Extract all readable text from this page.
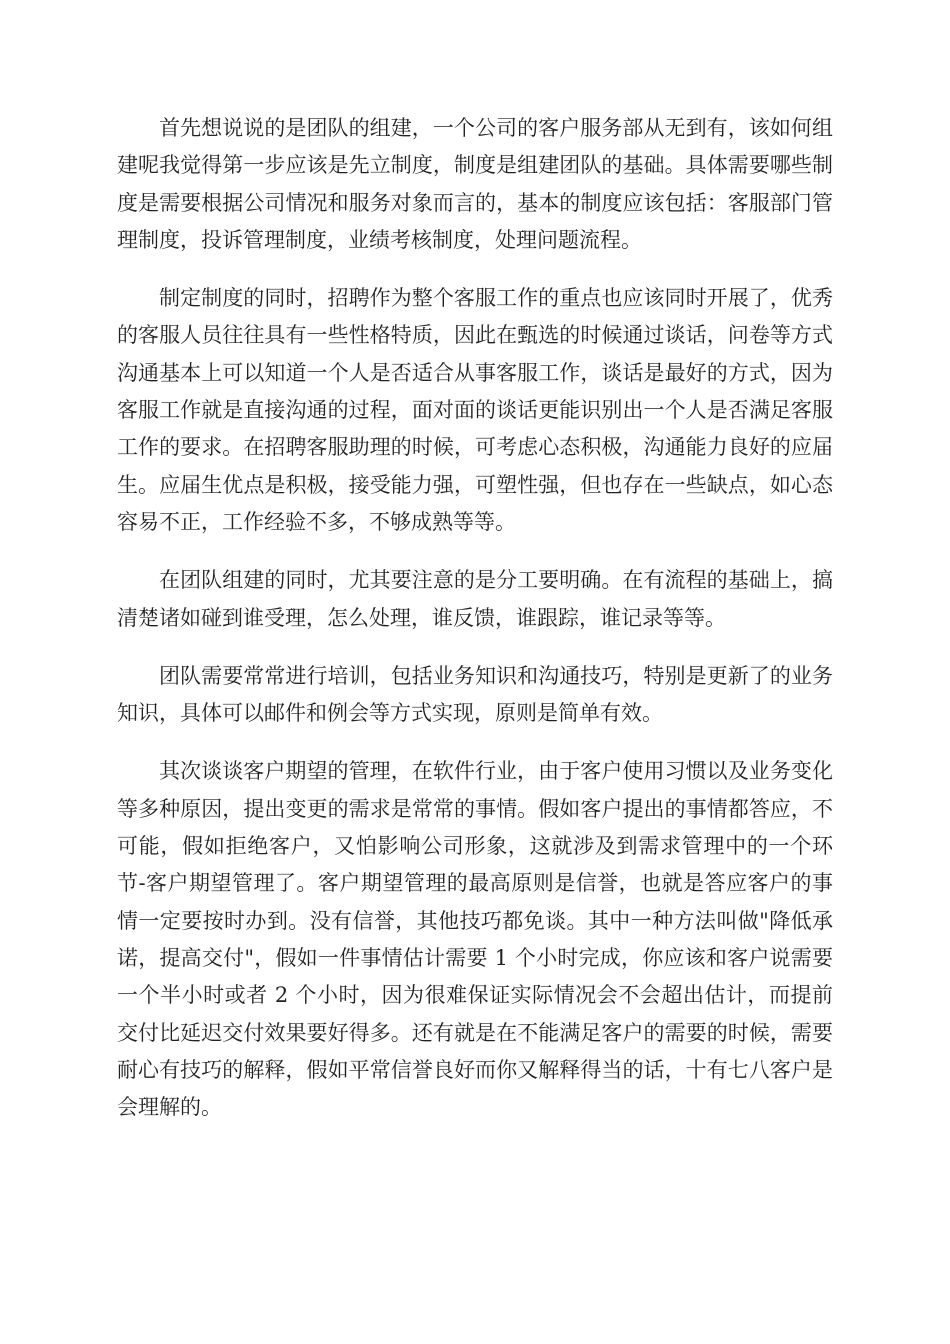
首先想说说的是团队的组建，一个公司的客户服务部从无到有，该如何组建呢我觉得第一步应该是先立制度，制度是组建团队的基础。具体需要哪些制度是需要根据公司情况和服务对象而言的，基本的制度应该包括：客服部门管理制度，投诉管理制度，业绩考核制度，处理问题流程。

制定制度的同时，招聘作为整个客服工作的重点也应该同时开展了，优秀的客服人员往往具有一些性格特质，因此在甄选的时候通过谈话，问卷等方式沟通基本上可以知道一个人是否适合从事客服工作，谈话是最好的方式，因为客服工作就是直接沟通的过程，面对面的谈话更能识别出一个人是否满足客服工作的要求。在招聘客服助理的时候，可考虑心态积极，沟通能力良好的应届生。应届生优点是积极，接受能力强，可塑性强，但也存在一些缺点，如心态容易不正，工作经验不多，不够成熟等等。

在团队组建的同时，尤其要注意的是分工要明确。在有流程的基础上，搞清楚诸如碰到谁受理，怎么处理，谁反馈，谁跟踪，谁记录等等。

团队需要常常进行培训，包括业务知识和沟通技巧，特别是更新了的业务知识，具体可以邮件和例会等方式实现，原则是简单有效。

其次谈谈客户期望的管理，在软件行业，由于客户使用习惯以及业务变化等多种原因，提出变更的需求是常常的事情。假如客户提出的事情都答应，不可能，假如拒绝客户，又怕影响公司形象，这就涉及到需求管理中的一个环节-客户期望管理了。客户期望管理的最高原则是信誉，也就是答应客户的事情一定要按时办到。没有信誉，其他技巧都免谈。其中一种方法叫做"降低承诺，提高交付"，假如一件事情估计需要 1 个小时完成，你应该和客户说需要一个半小时或者 2 个小时，因为很难保证实际情况会不会超出估计，而提前交付比延迟交付效果要好得多。还有就是在不能满足客户的需要的时候，需要耐心有技巧的解释，假如平常信誉良好而你又解释得当的话，十有七八客户是会理解的。
